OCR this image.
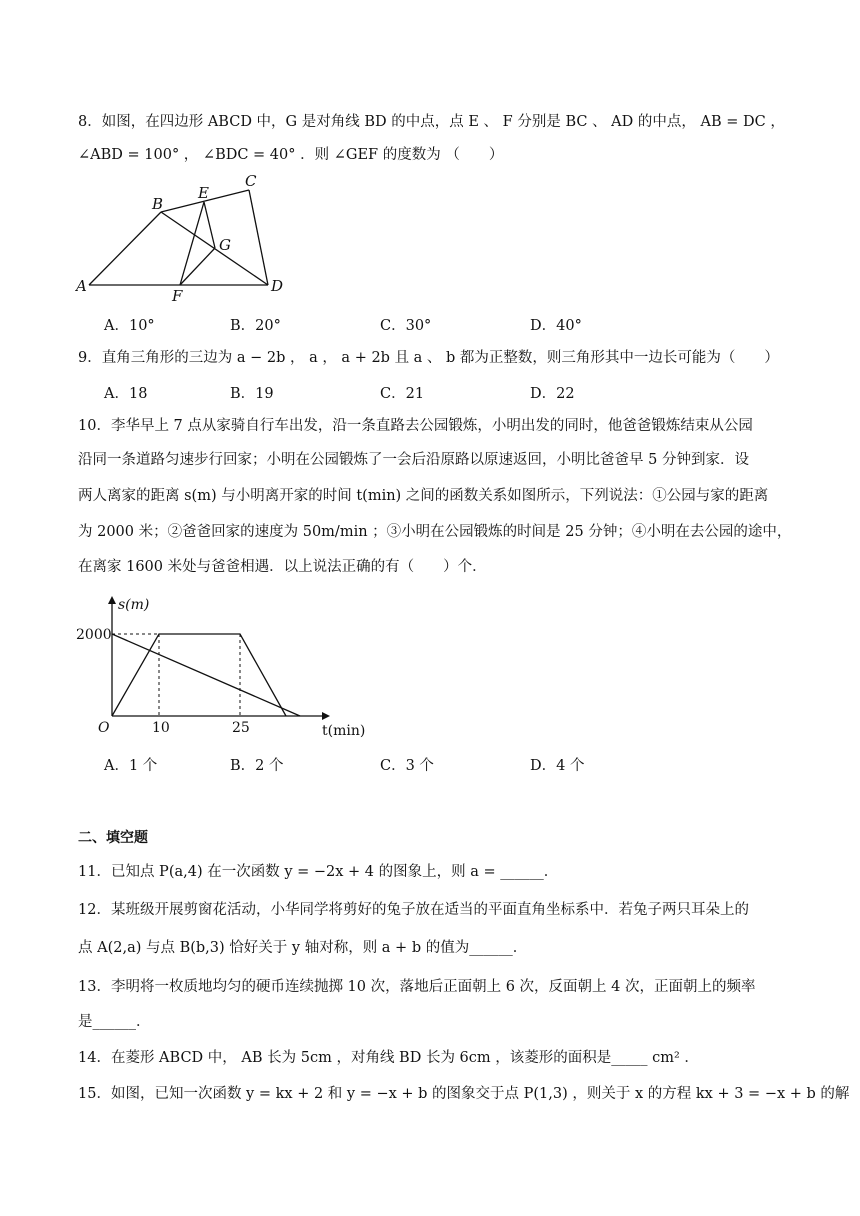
8．如图，在四边形 ABCD 中，G 是对角线 BD 的中点，点 E 、 F 分别是 BC 、 AD 的中点， AB = DC ，
∠ABD = 100° ， ∠BDC = 40° ．则 ∠GEF 的度数为 （　　）
A
B
C
D
E
F
G
A．10°	B．20°	C．30°	D．40°
9．直角三角形的三边为 a − 2b ， a ， a + 2b 且 a 、 b 都为正整数，则三角形其中一边长可能为（　　）
A．18	B．19	C．21	D．22
10．李华早上 7 点从家骑自行车出发，沿一条直路去公园锻炼，小明出发的同时，他爸爸锻炼结束从公园
沿同一条道路匀速步行回家；小明在公园锻炼了一会后沿原路以原速返回，小明比爸爸早 5 分钟到家．设
两人离家的距离 s(m) 与小明离开家的时间 t(min) 之间的函数关系如图所示，下列说法：①公园与家的距离
为 2000 米；②爸爸回家的速度为 50m/min ；③小明在公园锻炼的时间是 25 分钟；④小明在去公园的途中，
在离家 1600 米处与爸爸相遇．以上说法正确的有（　　）个．
s(m)
2000
O	10	25	t(min)
A．1 个	B．2 个	C．3 个	D．4 个
二、填空题
11．已知点 P(a,4) 在一次函数 y = −2x + 4 的图象上，则 a = ______．
12．某班级开展剪窗花活动，小华同学将剪好的兔子放在适当的平面直角坐标系中．若兔子两只耳朵上的
点 A(2,a) 与点 B(b,3) 恰好关于 y 轴对称，则 a + b 的值为______．
13．李明将一枚质地均匀的硬币连续抛掷 10 次，落地后正面朝上 6 次，反面朝上 4 次，正面朝上的频率
是______．
14．在菱形 ABCD 中， AB 长为 5cm ，对角线 BD 长为 6cm ，该菱形的面积是_____ cm² ．
15．如图，已知一次函数 y = kx + 2 和 y = −x + b 的图象交于点 P(1,3) ，则关于 x 的方程 kx + 3 = −x + b 的解
